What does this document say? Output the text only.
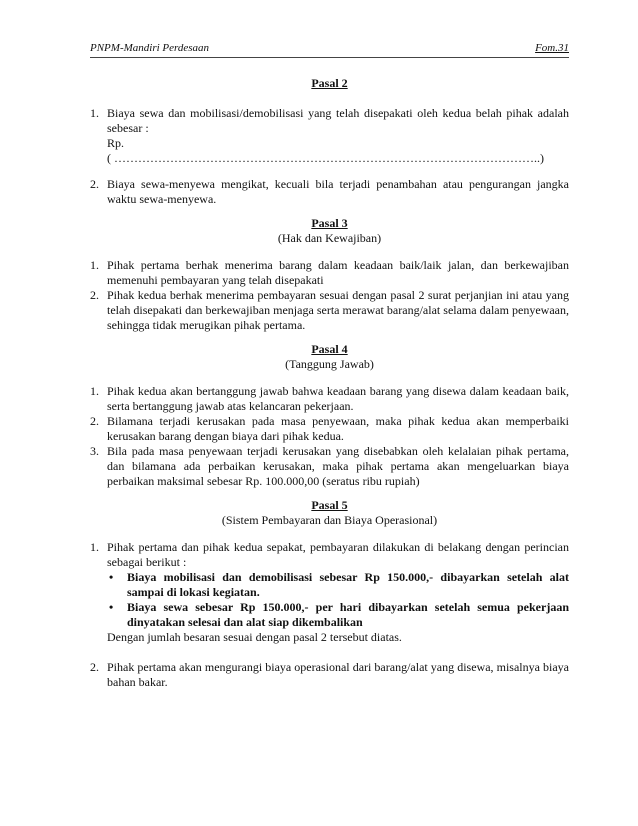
PNPM-Mandiri Perdesaan	Fom.31
Pasal 2
1. Biaya sewa dan mobilisasi/demobilisasi yang telah disepakati oleh kedua belah pihak adalah sebesar :

Rp.

( ……………………………………………………………………………………………..)

2. Biaya sewa-menyewa mengikat, kecuali bila terjadi penambahan atau pengurangan jangka waktu sewa-menyewa.
Pasal 3
(Hak dan Kewajiban)
1. Pihak pertama berhak menerima barang dalam keadaan baik/laik jalan, dan berkewajiban memenuhi pembayaran yang telah disepakati
2. Pihak kedua berhak menerima pembayaran sesuai dengan pasal 2 surat perjanjian ini atau yang telah disepakati dan berkewajiban menjaga serta merawat barang/alat selama dalam penyewaan, sehingga tidak merugikan pihak pertama.
Pasal 4
(Tanggung Jawab)
1. Pihak kedua akan bertanggung jawab bahwa keadaan barang yang disewa dalam keadaan baik, serta bertanggung jawab atas kelancaran pekerjaan.
2. Bilamana terjadi kerusakan pada masa penyewaan, maka pihak kedua akan memperbaiki kerusakan barang dengan biaya dari pihak kedua.
3. Bila pada masa penyewaan terjadi kerusakan yang disebabkan oleh kelalaian pihak pertama, dan bilamana ada perbaikan kerusakan, maka pihak pertama akan mengeluarkan biaya perbaikan maksimal sebesar Rp. 100.000,00 (seratus ribu rupiah)
Pasal 5
(Sistem Pembayaran dan Biaya Operasional)
1. Pihak pertama dan pihak kedua sepakat, pembayaran dilakukan di belakang dengan perincian sebagai berikut :

•	Biaya mobilisasi dan demobilisasi sebesar Rp 150.000,- dibayarkan setelah alat sampai di lokasi kegiatan.
•	Biaya sewa sebesar Rp 150.000,- per hari dibayarkan setelah semua pekerjaan dinyatakan selesai dan alat siap dikembalikan

Dengan jumlah besaran sesuai dengan pasal 2 tersebut diatas.

2. Pihak pertama akan mengurangi biaya operasional dari barang/alat yang disewa, misalnya biaya bahan bakar.
